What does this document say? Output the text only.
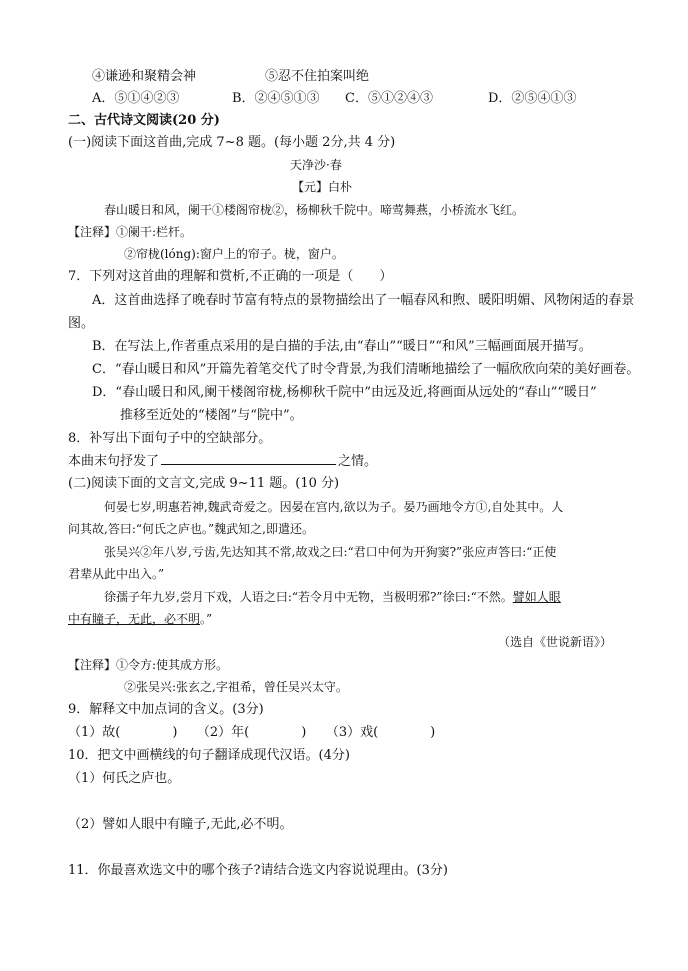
④谦逊和聚精会神	⑤忍不住拍案叫绝
A．⑤①④②③	B．②④⑤①③ C．⑤①②④③	D．②⑤④①③
二、古代诗文阅读(20 分)
(一)阅读下面这首曲,完成 7~8 题。(每小题 2分,共 4 分)
天净沙·春
【元】白朴
春山暖日和风，阑干①楼阁帘栊②，杨柳秋千院中。啼莺舞燕，小桥流水飞红。
【注释】①阑干:栏杆。
②帘栊(lóng):窗户上的帘子。栊，窗户。
7．下列对这首曲的理解和赏析,不正确的一项是（　　）
A．这首曲选择了晚春时节富有特点的景物描绘出了一幅春风和煦、暖阳明媚、风物闲适的春景
图。
B．在写法上,作者重点采用的是白描的手法,由“春山”“暖日”“和风”三幅画面展开描写。
C．“春山暖日和风”开篇先着笔交代了时令背景,为我们清晰地描绘了一幅欣欣向荣的美好画卷。
D．“春山暖日和风,阑干楼阁帘栊,杨柳秋千院中”由远及近,将画面从远处的“春山”“暖日”
推移至近处的“楼阁”与“院中”。
8．补写出下面句子中的空缺部分。
本曲末句抒发了	之情。
(二)阅读下面的文言文,完成 9~11 题。(10 分)
何晏七岁,明惠若神,魏武奇爱之。因晏在宫内,欲以为子。晏乃画地令方①,自处其中。人
问其故,答曰:“何氏之庐也。”魏武知之,即遣还。
张吴兴②年八岁,亏齿,先达知其不常,故戏之曰:“君口中何为开狗窦?”张应声答曰:“正使
君辈从此中出入。”
徐孺子年九岁,尝月下戏，人语之曰:“若令月中无物，当极明邪?”徐曰:“不然。譬如人眼
中有瞳子，无此，必不明。”
（选自《世说新语》）
【注释】①令方:使其成方形。
②张吴兴:张玄之,字祖希，曾任吴兴太守。
9．解释文中加点词的含义。(3分)
（1）故(　　　　)　　（2）年(　　　　)　　（3）戏(　　　　)
10．把文中画横线的句子翻译成现代汉语。(4分)
（1）何氏之庐也。
（2）譬如人眼中有瞳子,无此,必不明。
11．你最喜欢选文中的哪个孩子?请结合选文内容说说理由。(3分)
